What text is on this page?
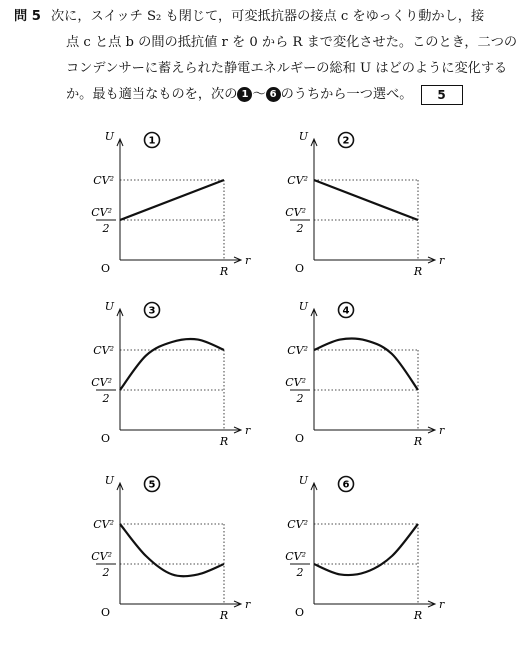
問 5 次に，スイッチ S₂ も閉じて，可変抵抗器の接点 c をゆっくり動かし，接
点 c と点 b の間の抵抗値 r を 0 から R まで変化させた。このとき，二つの
コンデンサーに蓄えられた静電エネルギーの総和 U はどのように変化する
か。最も適当なものを，次の 1 〜 6 のうちから一つ選べ。 5
U
r
O	R
CV²
CV²
2
1	U
r
O	R
CV²
CV²
2
2
U
r
O	R
CV²
CV²
2
3	U
r
O	R
CV²
CV²
2
4
U
r
O	R
CV²
CV²
2
5	U
r
O	R
CV²
CV²
2
6
